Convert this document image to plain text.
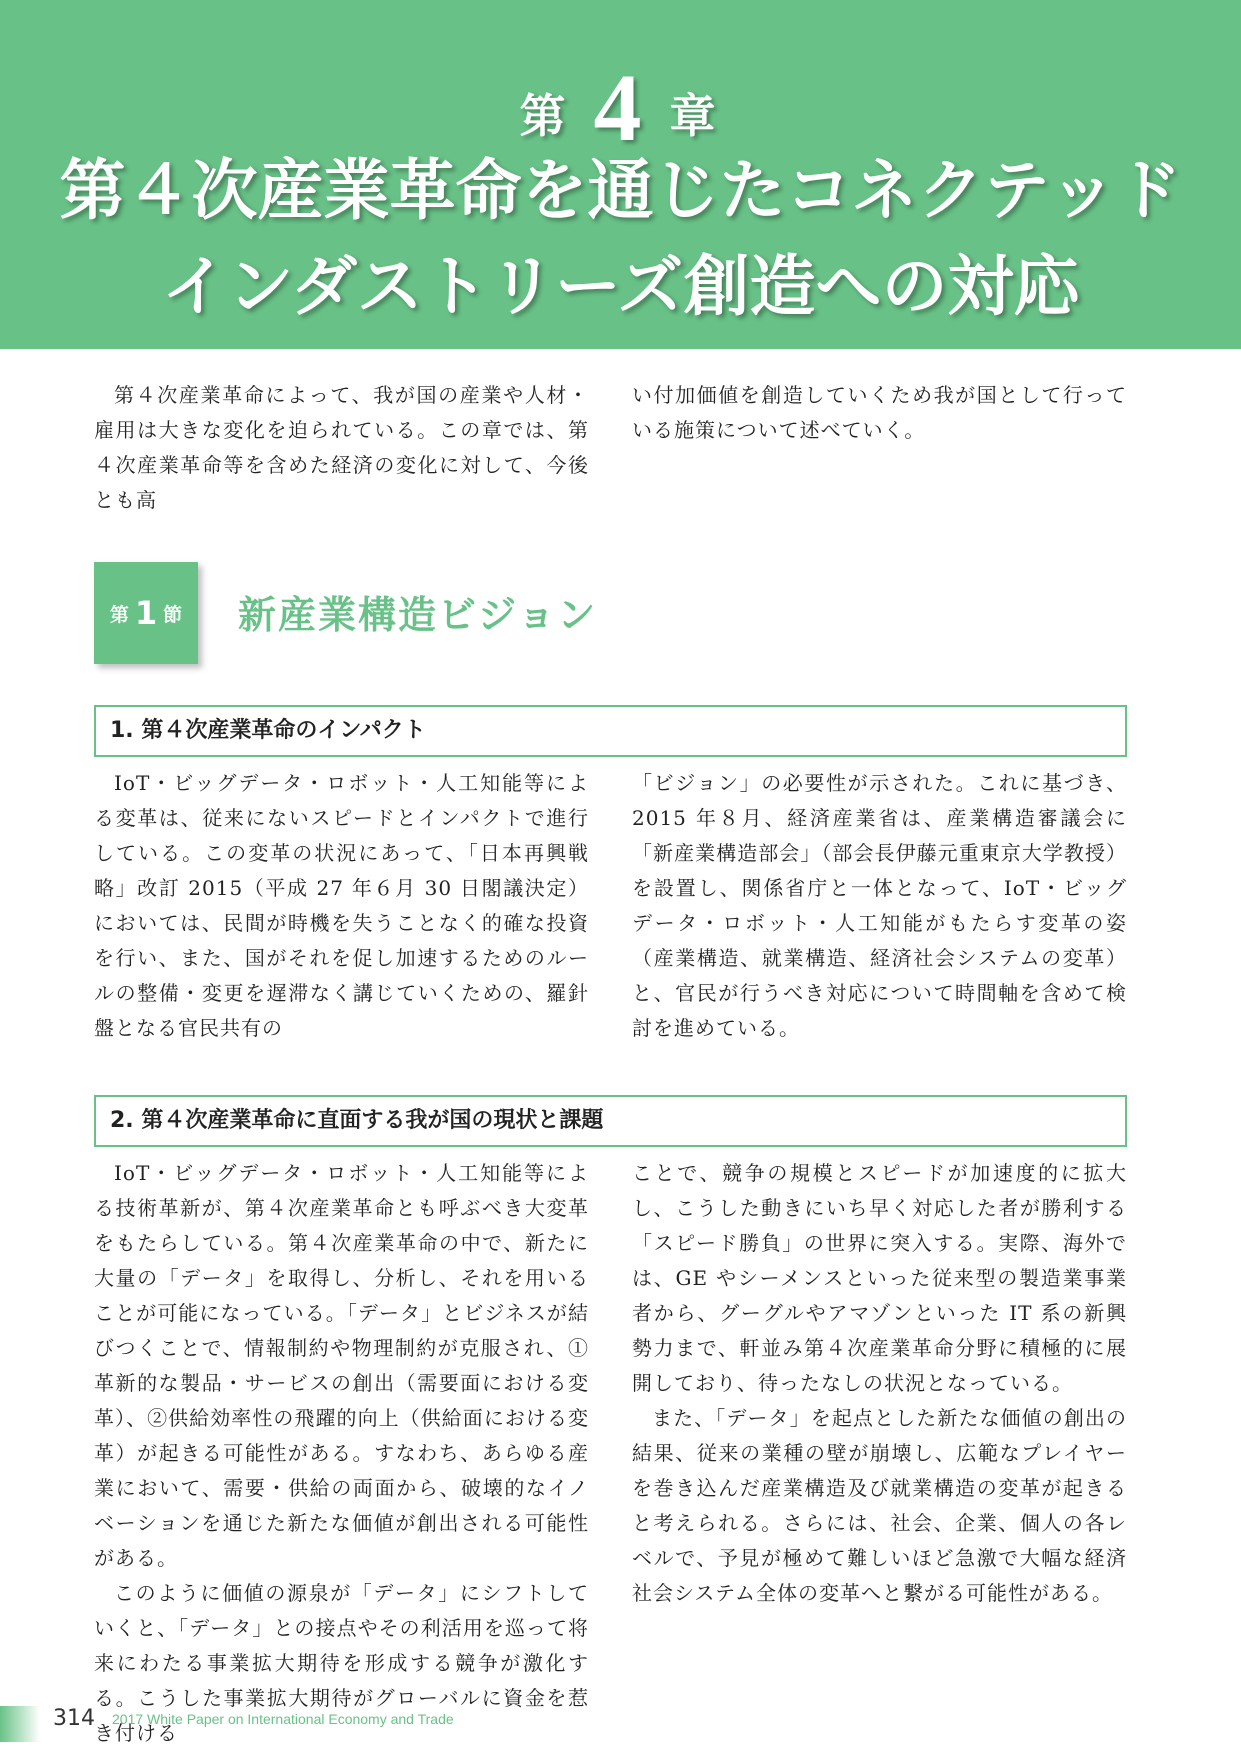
第 4 章
第４次産業革命を通じたコネクテッド
インダストリーズ創造への対応

第４次産業革命によって、我が国の産業や人材・雇用は大きな変化を迫られている。この章では、第４次産業革命等を含めた経済の変化に対して、今後とも高

い付加価値を創造していくため我が国として行っている施策について述べていく。

第 1 節 新産業構造ビジョン
1. 第４次産業革命のインパクト

IoT・ビッグデータ・ロボット・人工知能等による変革は、従来にないスピードとインパクトで進行している。この変革の状況にあって、「日本再興戦略」改訂 2015（平成 27 年６月 30 日閣議決定）においては、民間が時機を失うことなく的確な投資を行い、また、国がそれを促し加速するためのルールの整備・変更を遅滞なく講じていくための、羅針盤となる官民共有の

「ビジョン」の必要性が示された。これに基づき、2015 年８月、経済産業省は、産業構造審議会に「新産業構造部会」（部会長伊藤元重東京大学教授）を設置し、関係省庁と一体となって、IoT・ビッグデータ・ロボット・人工知能がもたらす変革の姿（産業構造、就業構造、経済社会システムの変革）と、官民が行うべき対応について時間軸を含めて検討を進めている。

2. 第４次産業革命に直面する我が国の現状と課題

IoT・ビッグデータ・ロボット・人工知能等による技術革新が、第４次産業革命とも呼ぶべき大変革をもたらしている。第４次産業革命の中で、新たに大量の「データ」を取得し、分析し、それを用いることが可能になっている。「データ」とビジネスが結びつくことで、情報制約や物理制約が克服され、①革新的な製品・サービスの創出（需要面における変革）、②供給効率性の飛躍的向上（供給面における変革）が起きる可能性がある。すなわち、あらゆる産業において、需要・供給の両面から、破壊的なイノベーションを通じた新たな価値が創出される可能性がある。

このように価値の源泉が「データ」にシフトしていくと、「データ」との接点やその利活用を巡って将来にわたる事業拡大期待を形成する競争が激化する。こうした事業拡大期待がグローバルに資金を惹き付ける

ことで、競争の規模とスピードが加速度的に拡大し、こうした動きにいち早く対応した者が勝利する「スピード勝負」の世界に突入する。実際、海外では、GE やシーメンスといった従来型の製造業事業者から、グーグルやアマゾンといった IT 系の新興勢力まで、軒並み第４次産業革命分野に積極的に展開しており、待ったなしの状況となっている。

また、「データ」を起点とした新たな価値の創出の結果、従来の業種の壁が崩壊し、広範なプレイヤーを巻き込んだ産業構造及び就業構造の変革が起きると考えられる。さらには、社会、企業、個人の各レベルで、予見が極めて難しいほど急激で大幅な経済社会システム全体の変革へと繋がる可能性がある。

314 2017 White Paper on International Economy and Trade
